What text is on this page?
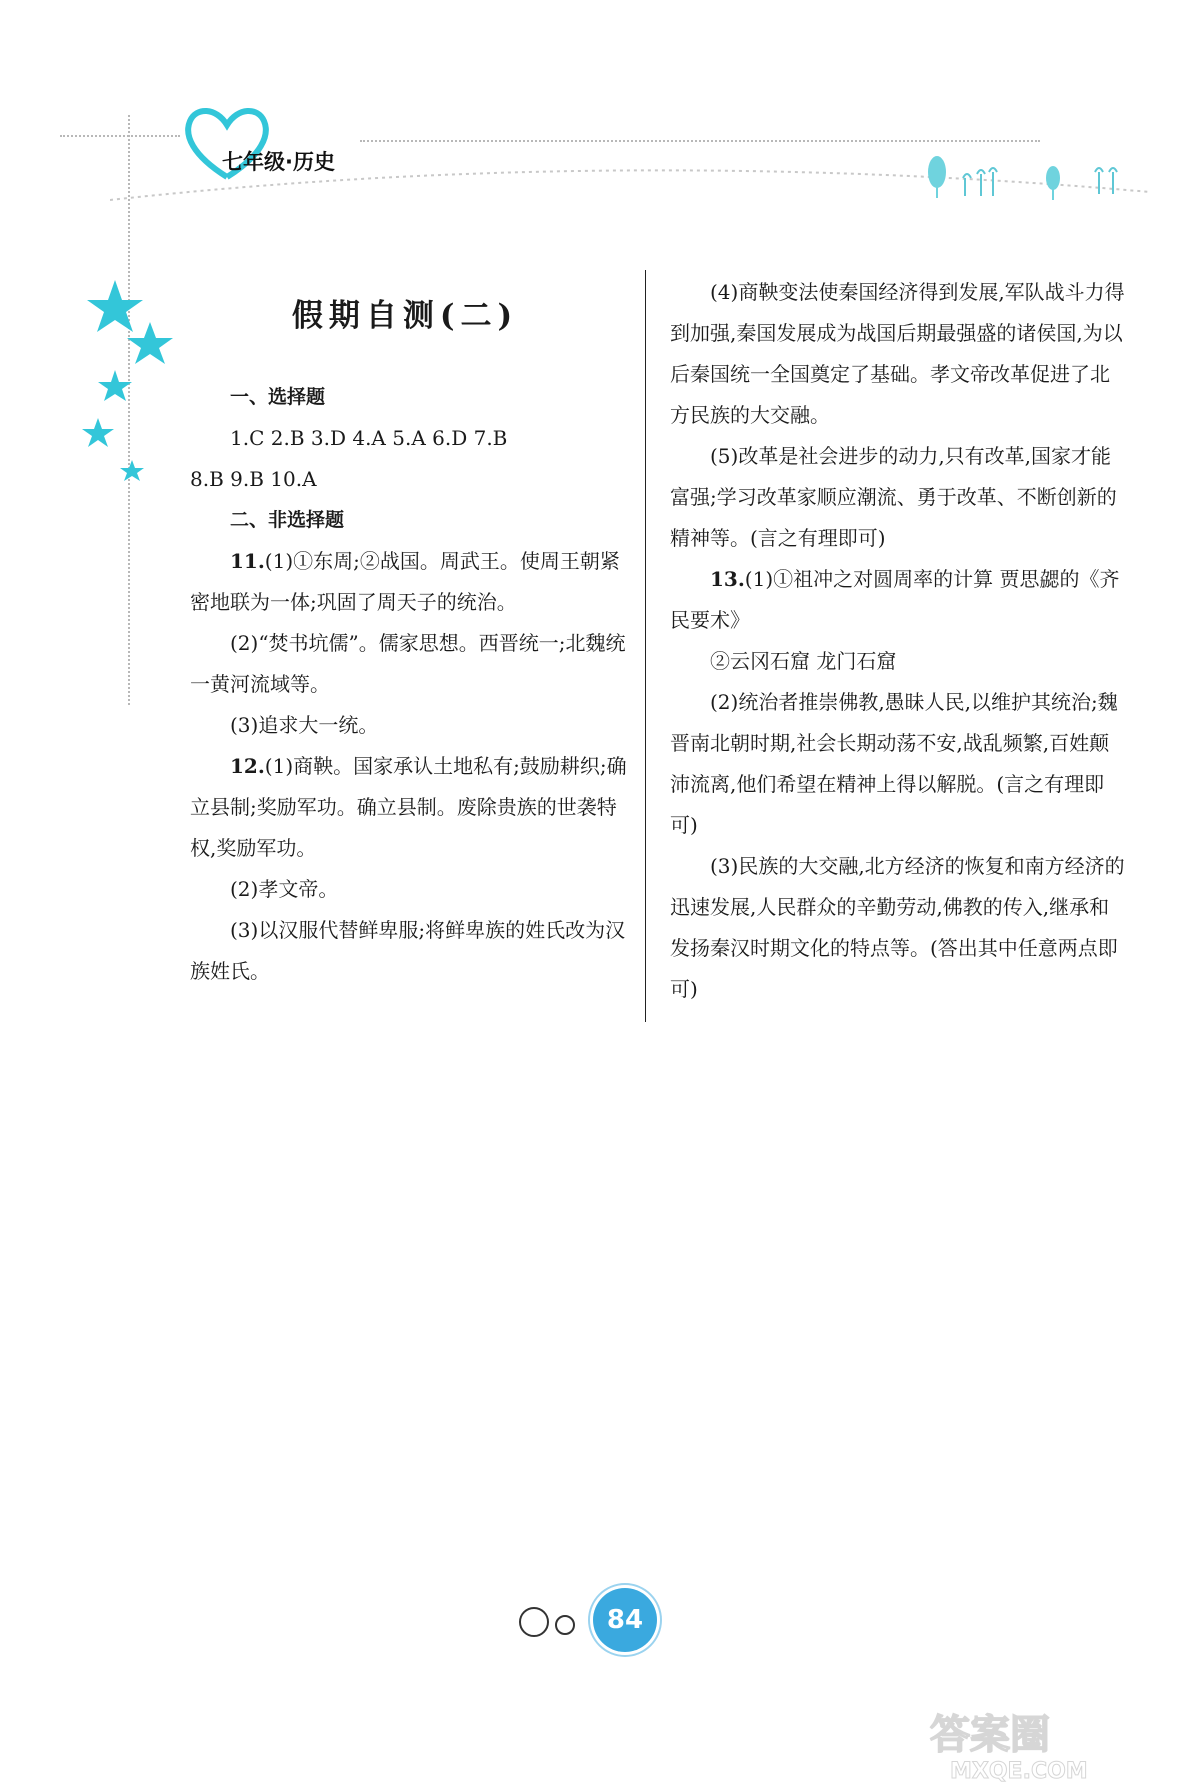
七年级·历史
假期自测(二)

一、选择题

1.C 2.B 3.D 4.A 5.A 6.D 7.B

8.B 9.B 10.A

二、非选择题

11.(1)①东周;②战国。周武王。使周王朝紧密地联为一体;巩固了周天子的统治。

(2)“焚书坑儒”。儒家思想。西晋统一;北魏统一黄河流域等。

(3)追求大一统。

12.(1)商鞅。国家承认土地私有;鼓励耕织;确立县制;奖励军功。确立县制。废除贵族的世袭特权,奖励军功。

(2)孝文帝。

(3)以汉服代替鲜卑服;将鲜卑族的姓氏改为汉族姓氏。

(4)商鞅变法使秦国经济得到发展,军队战斗力得到加强,秦国发展成为战国后期最强盛的诸侯国,为以后秦国统一全国奠定了基础。孝文帝改革促进了北方民族的大交融。

(5)改革是社会进步的动力,只有改革,国家才能富强;学习改革家顺应潮流、勇于改革、不断创新的精神等。(言之有理即可)

13.(1)①祖冲之对圆周率的计算 贾思勰的《齐民要术》

②云冈石窟 龙门石窟

(2)统治者推崇佛教,愚昧人民,以维护其统治;魏晋南北朝时期,社会长期动荡不安,战乱频繁,百姓颠沛流离,他们希望在精神上得以解脱。(言之有理即可)

(3)民族的大交融,北方经济的恢复和南方经济的迅速发展,人民群众的辛勤劳动,佛教的传入,继承和发扬秦汉时期文化的特点等。(答出其中任意两点即可)

84
答案圈
MXQE.COM
